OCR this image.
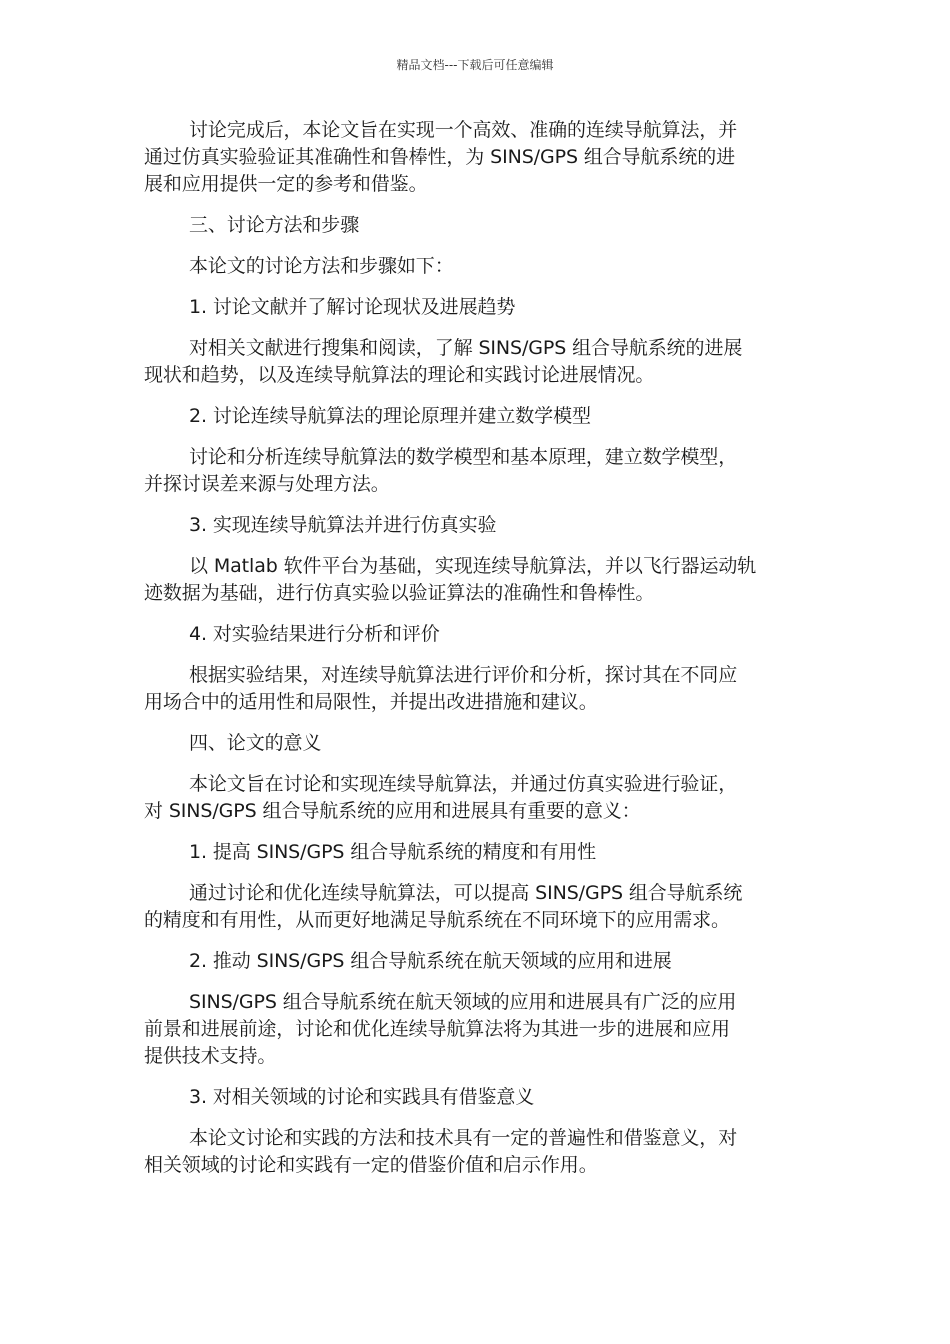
精品文档---下载后可任意编辑

讨论完成后，本论文旨在实现一个高效、准确的连续导航算法，并
通过仿真实验验证其准确性和鲁棒性，为 SINS/GPS 组合导航系统的进
展和应用提供一定的参考和借鉴。

三、讨论方法和步骤

本论文的讨论方法和步骤如下：

1. 讨论文献并了解讨论现状及进展趋势

对相关文献进行搜集和阅读，了解 SINS/GPS 组合导航系统的进展
现状和趋势，以及连续导航算法的理论和实践讨论进展情况。

2. 讨论连续导航算法的理论原理并建立数学模型

讨论和分析连续导航算法的数学模型和基本原理，建立数学模型，
并探讨误差来源与处理方法。

3. 实现连续导航算法并进行仿真实验

以 Matlab 软件平台为基础，实现连续导航算法，并以飞行器运动轨
迹数据为基础，进行仿真实验以验证算法的准确性和鲁棒性。

4. 对实验结果进行分析和评价

根据实验结果，对连续导航算法进行评价和分析，探讨其在不同应
用场合中的适用性和局限性，并提出改进措施和建议。

四、论文的意义

本论文旨在讨论和实现连续导航算法，并通过仿真实验进行验证，
对 SINS/GPS 组合导航系统的应用和进展具有重要的意义：

1. 提高 SINS/GPS 组合导航系统的精度和有用性

通过讨论和优化连续导航算法，可以提高 SINS/GPS 组合导航系统
的精度和有用性，从而更好地满足导航系统在不同环境下的应用需求。

2. 推动 SINS/GPS 组合导航系统在航天领域的应用和进展

SINS/GPS 组合导航系统在航天领域的应用和进展具有广泛的应用
前景和进展前途，讨论和优化连续导航算法将为其进一步的进展和应用
提供技术支持。

3. 对相关领域的讨论和实践具有借鉴意义

本论文讨论和实践的方法和技术具有一定的普遍性和借鉴意义，对
相关领域的讨论和实践有一定的借鉴价值和启示作用。
